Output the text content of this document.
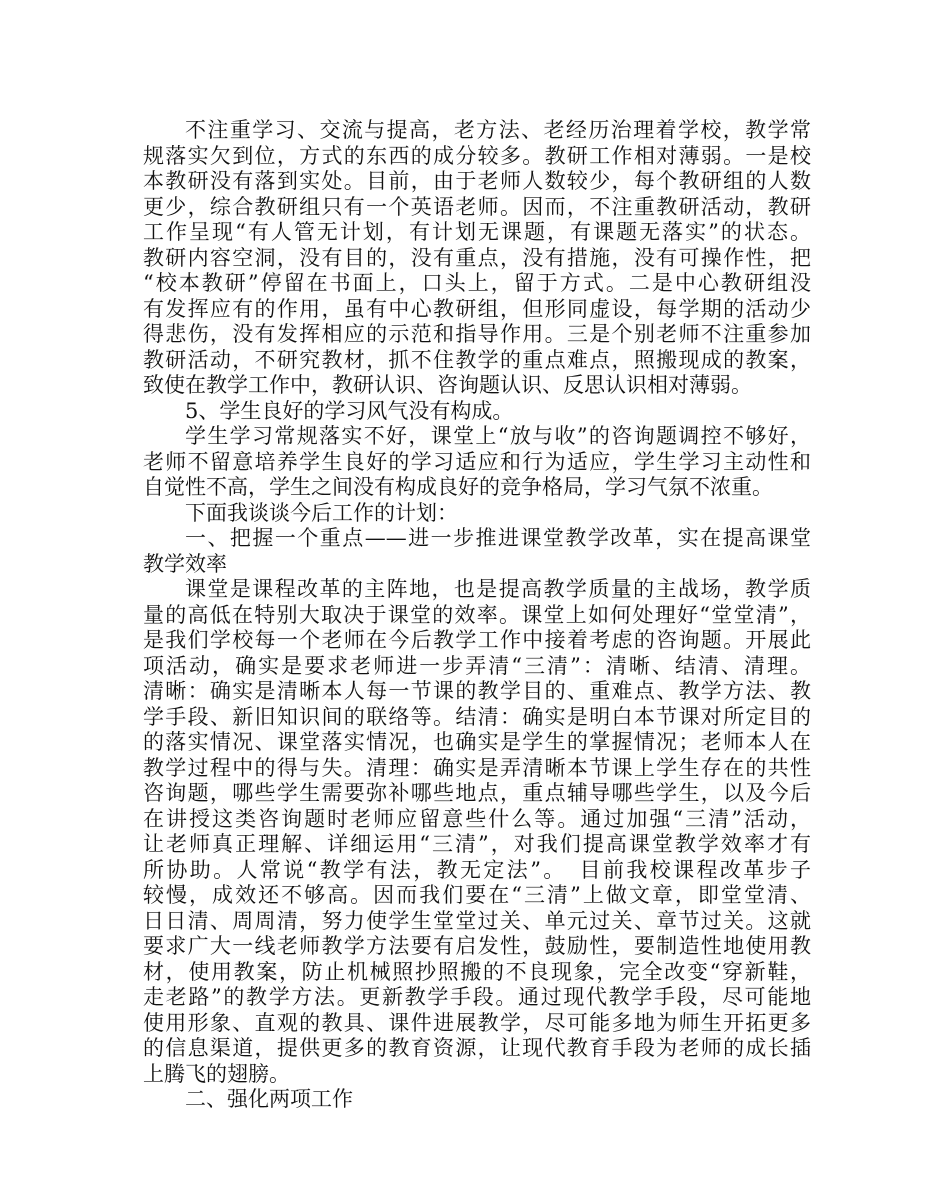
不注重学习、交流与提高，老方法、老经历治理着学校，教学常
规落实欠到位，方式的东西的成分较多。教研工作相对薄弱。一是校
本教研没有落到实处。目前，由于老师人数较少，每个教研组的人数
更少，综合教研组只有一个英语老师。因而，不注重教研活动，教研
工作呈现“有人管无计划，有计划无课题，有课题无落实”的状态。
教研内容空洞，没有目的，没有重点，没有措施，没有可操作性，把
“校本教研”停留在书面上，口头上，留于方式。二是中心教研组没
有发挥应有的作用，虽有中心教研组，但形同虚设，每学期的活动少
得悲伤，没有发挥相应的示范和指导作用。三是个别老师不注重参加
教研活动，不研究教材，抓不住教学的重点难点，照搬现成的教案，
致使在教学工作中，教研认识、咨询题认识、反思认识相对薄弱。
5、学生良好的学习风气没有构成。
学生学习常规落实不好，课堂上“放与收”的咨询题调控不够好，
老师不留意培养学生良好的学习适应和行为适应，学生学习主动性和
自觉性不高，学生之间没有构成良好的竞争格局，学习气氛不浓重。
下面我谈谈今后工作的计划：
一、把握一个重点——进一步推进课堂教学改革，实在提高课堂
教学效率
课堂是课程改革的主阵地，也是提高教学质量的主战场，教学质
量的高低在特别大取决于课堂的效率。课堂上如何处理好“堂堂清”，
是我们学校每一个老师在今后教学工作中接着考虑的咨询题。开展此
项活动，确实是要求老师进一步弄清“三清”：清晰、结清、清理。
清晰：确实是清晰本人每一节课的教学目的、重难点、教学方法、教
学手段、新旧知识间的联络等。结清：确实是明白本节课对所定目的
的落实情况、课堂落实情况，也确实是学生的掌握情况；老师本人在
教学过程中的得与失。清理：确实是弄清晰本节课上学生存在的共性
咨询题，哪些学生需要弥补哪些地点，重点辅导哪些学生，以及今后
在讲授这类咨询题时老师应留意些什么等。通过加强“三清”活动，
让老师真正理解、详细运用“三清”，对我们提高课堂教学效率才有
所协助。人常说“教学有法，教无定法”。　目前我校课程改革步子
较慢，成效还不够高。因而我们要在“三清”上做文章，即堂堂清、
日日清、周周清，努力使学生堂堂过关、单元过关、章节过关。这就
要求广大一线老师教学方法要有启发性，鼓励性，要制造性地使用教
材，使用教案，防止机械照抄照搬的不良现象，完全改变“穿新鞋，
走老路”的教学方法。更新教学手段。通过现代教学手段，尽可能地
使用形象、直观的教具、课件进展教学，尽可能多地为师生开拓更多
的信息渠道，提供更多的教育资源，让现代教育手段为老师的成长插
上腾飞的翅膀。
二、强化两项工作
